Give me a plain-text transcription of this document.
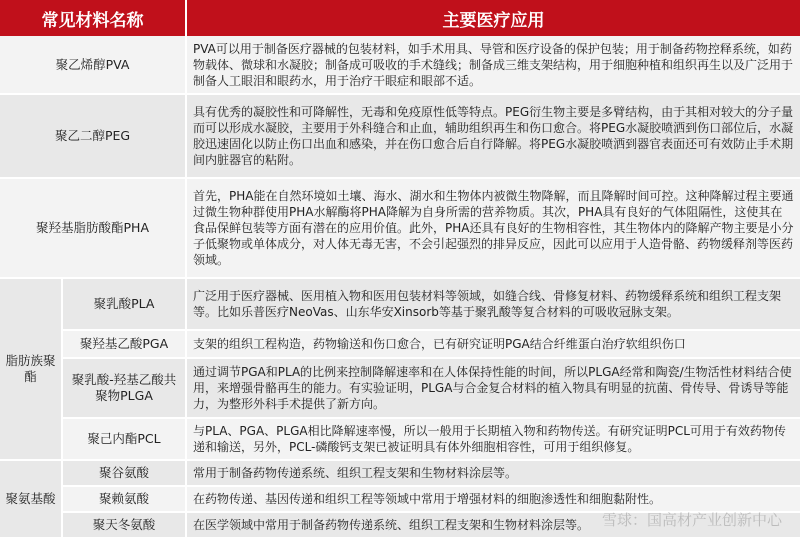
常见材料名称		主要医疗应用
聚乙烯醇PVA		PVA可以用于制备医疗器械的包装材料，如手术用具、导管和医疗设备的保护包装；用于制备药物控释系统，如药物载体、微球和水凝胶；制备成可吸收的手术缝线；制备成三维支架结构，用于细胞种植和组织再生以及广泛用于制备人工眼泪和眼药水，用于治疗干眼症和眼部不适。
聚乙二醇PEG		具有优秀的凝胶性和可降解性，无毒和免疫原性低等特点。PEG衍生物主要是多臂结构，由于其相对较大的分子量而可以形成水凝胶，主要用于外科缝合和止血，辅助组织再生和伤口愈合。将PEG水凝胶喷洒到伤口部位后，水凝胶迅速固化以防止伤口出血和感染，并在伤口愈合后自行降解。将PEG水凝胶喷洒到器官表面还可有效防止手术期间内脏器官的粘附。
聚羟基脂肪酸酯PHA		首先，PHA能在自然环境如土壤、海水、湖水和生物体内被微生物降解，而且降解时间可控。这种降解过程主要通过微生物种群使用PHA水解酶将PHA降解为自身所需的营养物质。其次，PHA具有良好的气体阻隔性，这使其在食品保鲜包装等方面有潜在的应用价值。此外，PHA还具有良好的生物相容性，其生物体内的降解产物主要是小分子低聚物或单体成分，对人体无毒无害，不会引起强烈的排异反应，因此可以应用于人造骨骼、药物缓释剂等医药领域。
脂肪族聚酯	聚乳酸PLA	广泛用于医疗器械、医用植入物和医用包装材料等领域，如缝合线、骨修复材料、药物缓释系统和组织工程支架等。比如乐普医疗NeoVas、山东华安Xinsorb等基于聚乳酸等复合材料的可吸收冠脉支架。
	聚羟基乙酸PGA	支架的组织工程构造，药物输送和伤口愈合，已有研究证明PGA结合纤维蛋白治疗软组织伤口
	聚乳酸-羟基乙酸共聚物PLGA	通过调节PGA和PLA的比例来控制降解速率和在人体保持性能的时间，所以PLGA经常和陶瓷/生物活性材料结合使用，来增强骨骼再生的能力。有实验证明，PLGA与合金复合材料的植入物具有明显的抗菌、骨传导、骨诱导等能力，为整形外科手术提供了新方向。
	聚己内酯PCL	与PLA、PGA、PLGA相比降解速率慢，所以一般用于长期植入物和药物传送。有研究证明PCL可用于有效药物传递和输送，另外，PCL-磷酸钙支架已被证明具有体外细胞相容性，可用于组织修复。
聚氨基酸	聚谷氨酸	常用于制备药物传递系统、组织工程支架和生物材料涂层等。
	聚赖氨酸	在药物传递、基因传递和组织工程等领域中常用于增强材料的细胞渗透性和细胞黏附性。
	聚天冬氨酸	在医学领域中常用于制备药物传递系统、组织工程支架和生物材料涂层等。 雪球：国高材产业创新中心
